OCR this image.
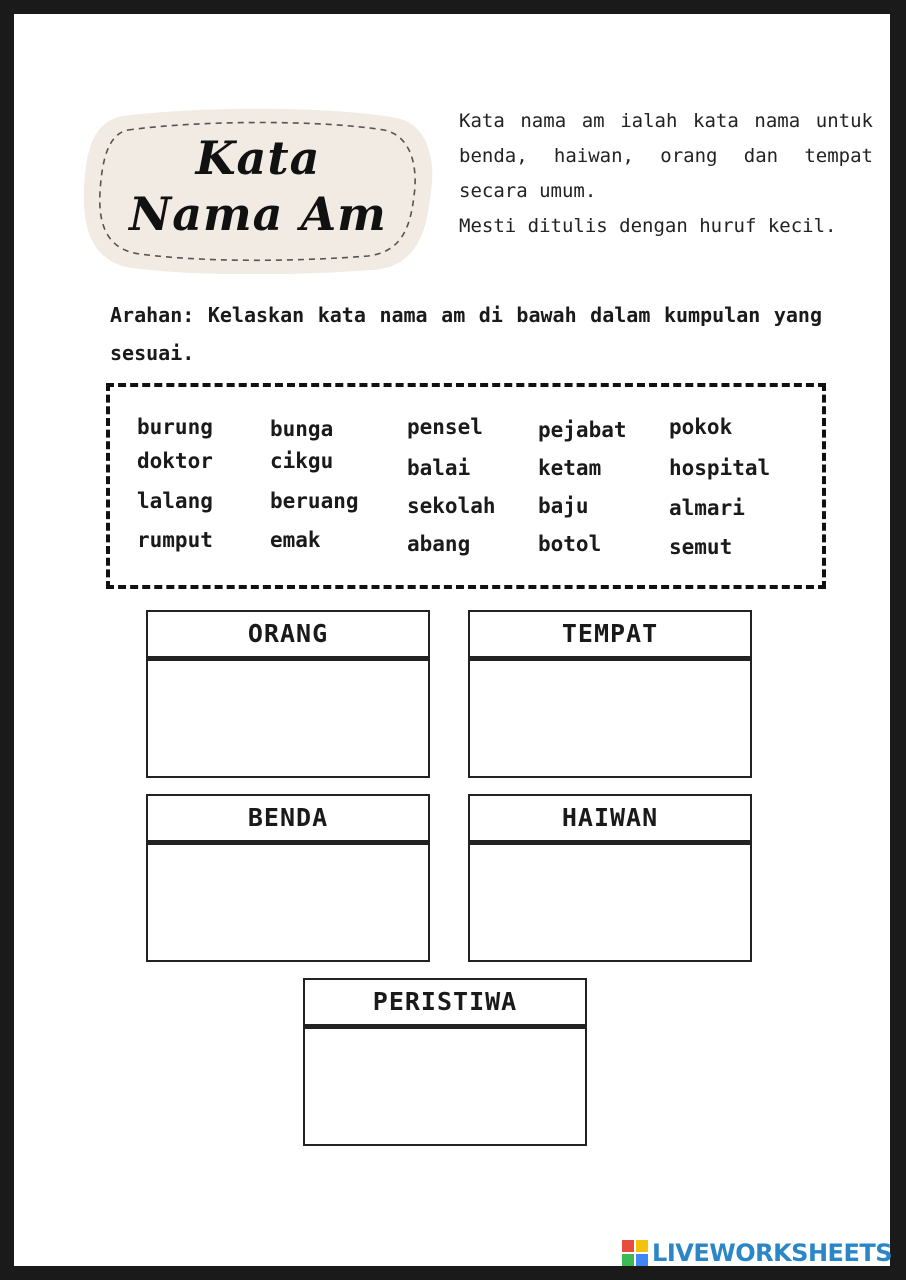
Kata
Nama Am

Kata nama am ialah kata nama untuk benda, haiwan, orang dan tempat secara umum.

Mesti ditulis dengan huruf kecil.

Arahan: Kelaskan kata nama am di bawah dalam kumpulan yang sesuai.
burung
doktor
lalang
rumput
bunga
cikgu
beruang
emak
pensel
balai
sekolah
abang
pejabat
ketam
baju
botol
pokok
hospital
almari
semut
ORANG	TEMPAT
BENDA	HAIWAN
PERISTIWA
LIVEWORKSHEETS
